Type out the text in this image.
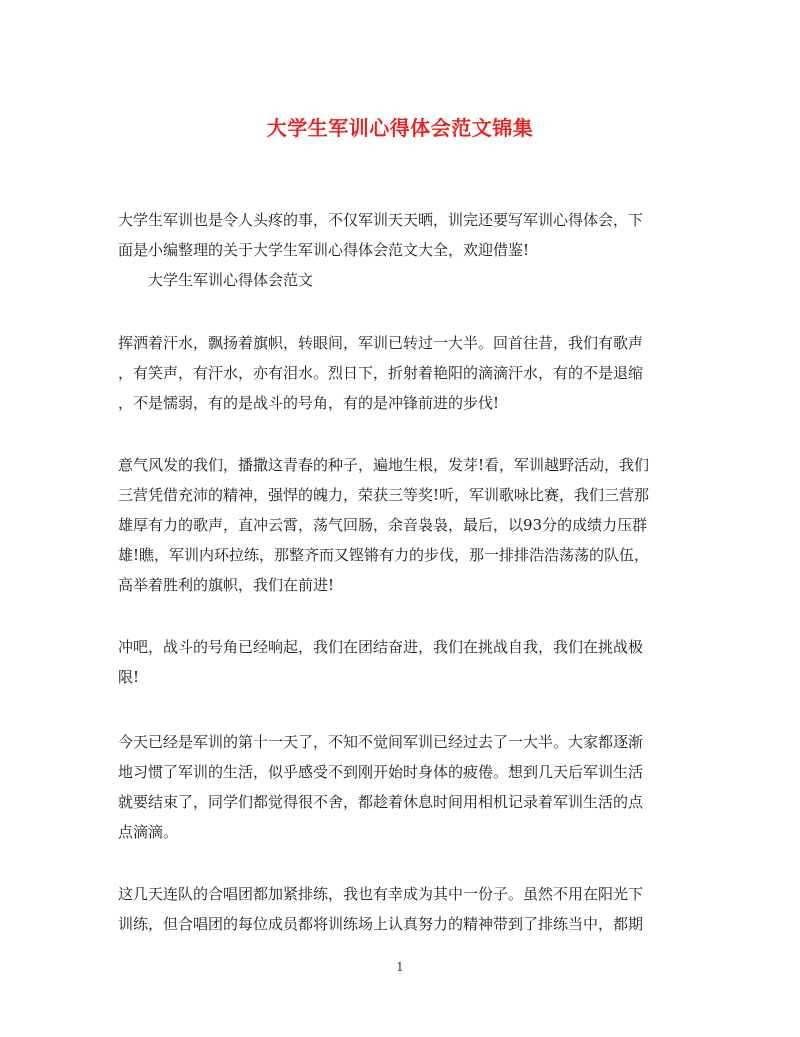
大学生军训心得体会范文锦集

大学生军训也是令人头疼的事，不仅军训天天晒，训完还要写军训心得体会，下
面是小编整理的关于大学生军训心得体会范文大全，欢迎借鉴!

大学生军训心得体会范文

挥洒着汗水，飘扬着旗帜，转眼间，军训已转过一大半。回首往昔，我们有歌声
，有笑声，有汗水，亦有泪水。烈日下，折射着艳阳的滴滴汗水，有的不是退缩
，不是懦弱，有的是战斗的号角，有的是冲锋前进的步伐!

意气风发的我们，播撒这青春的种子，遍地生根，发芽!看，军训越野活动，我们
三营凭借充沛的精神，强悍的魄力，荣获三等奖!听，军训歌咏比赛，我们三营那
雄厚有力的歌声，直冲云霄，荡气回肠，余音袅袅，最后，以93分的成绩力压群
雄!瞧，军训内环拉练，那整齐而又铿锵有力的步伐，那一排排浩浩荡荡的队伍，
高举着胜利的旗帜，我们在前进!

冲吧，战斗的号角已经响起，我们在团结奋进，我们在挑战自我，我们在挑战极
限!

今天已经是军训的第十一天了，不知不觉间军训已经过去了一大半。大家都逐渐
地习惯了军训的生活，似乎感受不到刚开始时身体的疲倦。想到几天后军训生活
就要结束了，同学们都觉得很不舍，都趁着休息时间用相机记录着军训生活的点
点滴滴。

这几天连队的合唱团都加紧排练，我也有幸成为其中一份子。虽然不用在阳光下
训练，但合唱团的每位成员都将训练场上认真努力的精神带到了排练当中，都期

1
